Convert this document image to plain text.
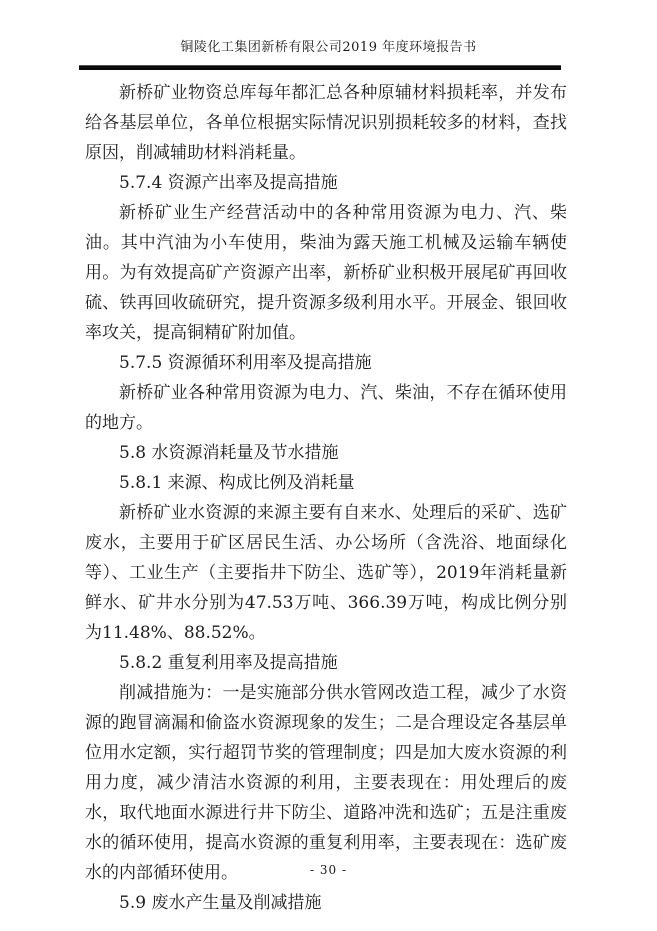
铜陵化工集团新桥有限公司2019 年度环境报告书

新桥矿业物资总库每年都汇总各种原辅材料损耗率，并发布给各基层单位，各单位根据实际情况识别损耗较多的材料，查找原因，削减辅助材料消耗量。

5.7.4 资源产出率及提高措施

新桥矿业生产经营活动中的各种常用资源为电力、汽、柴油。其中汽油为小车使用，柴油为露天施工机械及运输车辆使用。为有效提高矿产资源产出率，新桥矿业积极开展尾矿再回收硫、铁再回收硫研究，提升资源多级利用水平。开展金、银回收率攻关，提高铜精矿附加值。

5.7.5 资源循环利用率及提高措施

新桥矿业各种常用资源为电力、汽、柴油，不存在循环使用的地方。

5.8 水资源消耗量及节水措施

5.8.1 来源、构成比例及消耗量

新桥矿业水资源的来源主要有自来水、处理后的采矿、选矿废水，主要用于矿区居民生活、办公场所（含洗浴、地面绿化等）、工业生产（主要指井下防尘、选矿等），2019年消耗量新鲜水、矿井水分别为47.53万吨、366.39万吨，构成比例分别为11.48%、88.52%。

5.8.2 重复利用率及提高措施

削减措施为：一是实施部分供水管网改造工程，减少了水资源的跑冒滴漏和偷盗水资源现象的发生；二是合理设定各基层单位用水定额，实行超罚节奖的管理制度；四是加大废水资源的利用力度，减少清洁水资源的利用，主要表现在：用处理后的废水，取代地面水源进行井下防尘、道路冲洗和选矿；五是注重废水的循环使用，提高水资源的重复利用率，主要表现在：选矿废水的内部循环使用。

5.9 废水产生量及削减措施

- 30 -
